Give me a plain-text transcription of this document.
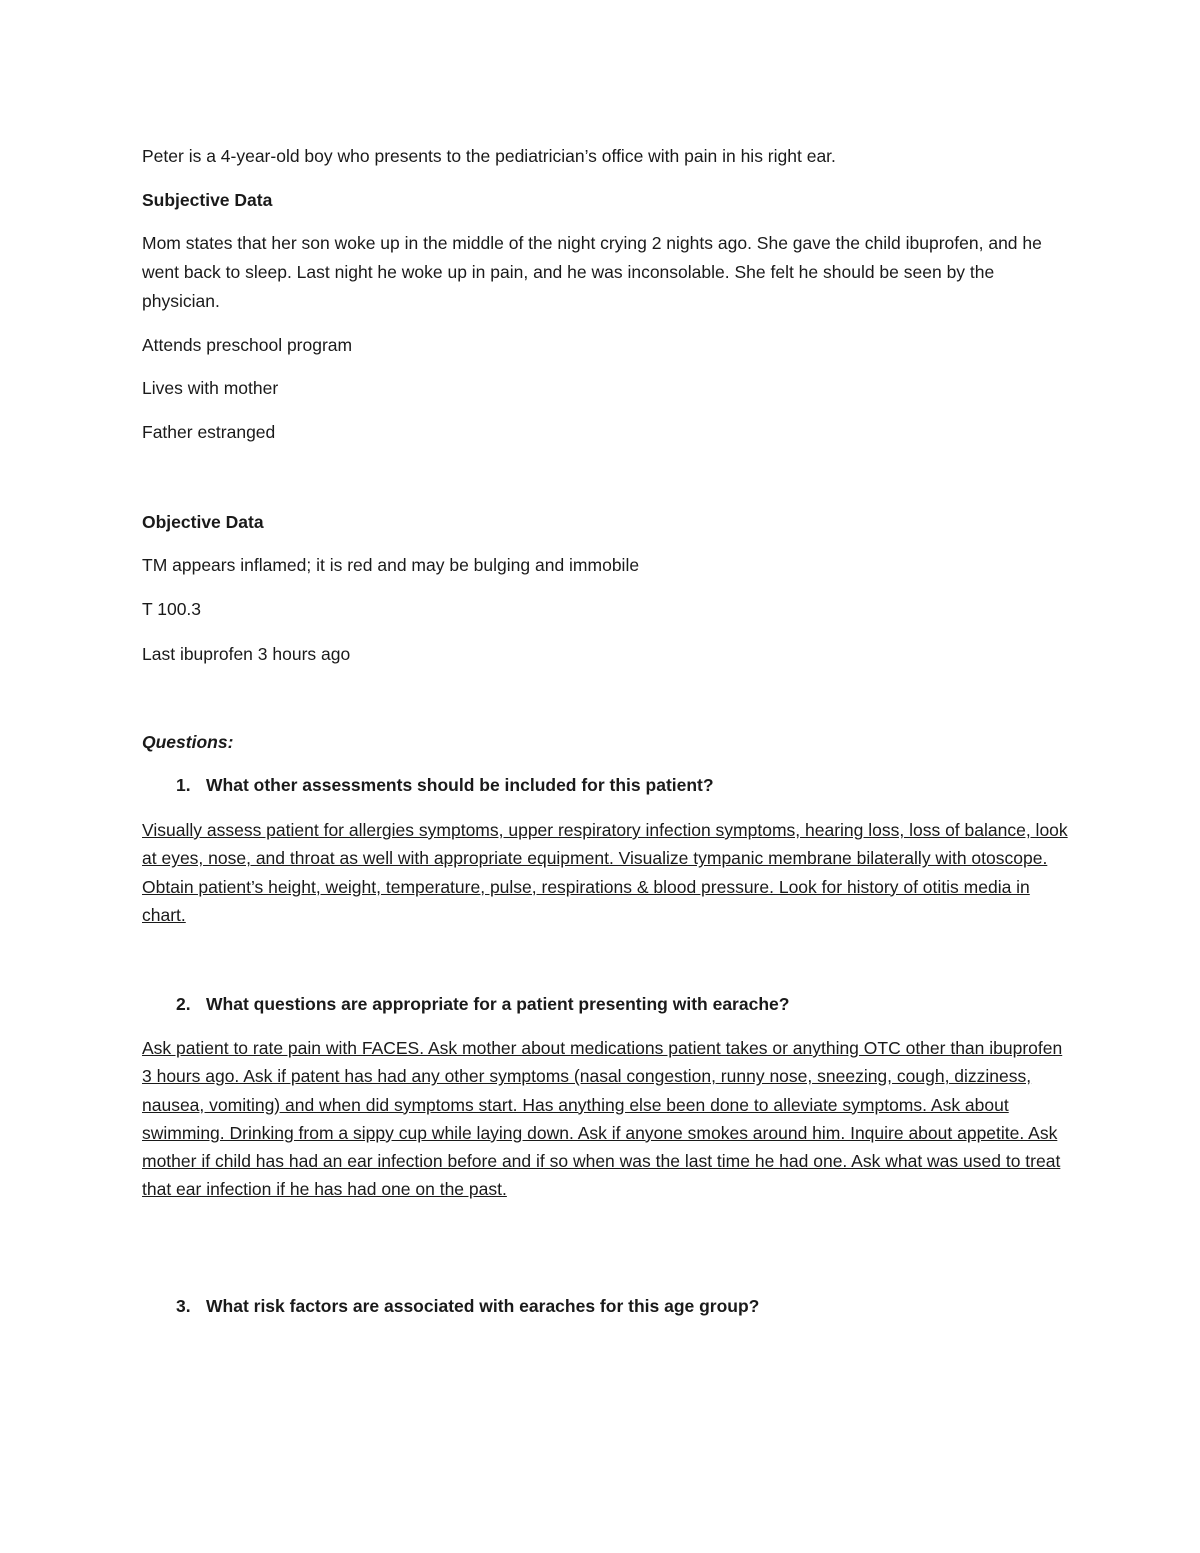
Peter is a 4-year-old boy who presents to the pediatrician’s office with pain in his right ear.

Subjective Data

Mom states that her son woke up in the middle of the night crying 2 nights ago. She gave the child ibuprofen, and he went back to sleep. Last night he woke up in pain, and he was inconsolable. She felt he should be seen by the physician.

Attends preschool program

Lives with mother

Father estranged

Objective Data

TM appears inflamed; it is red and may be bulging and immobile

T 100.3

Last ibuprofen 3 hours ago

Questions:

1. What other assessments should be included for this patient?

Visually assess patient for allergies symptoms, upper respiratory infection symptoms, hearing loss, loss of balance, look at eyes, nose, and throat as well with appropriate equipment. Visualize tympanic membrane bilaterally with otoscope. Obtain patient’s height, weight, temperature, pulse, respirations & blood pressure. Look for history of otitis media in chart.

2. What questions are appropriate for a patient presenting with earache?

Ask patient to rate pain with FACES. Ask mother about medications patient takes or anything OTC other than ibuprofen 3 hours ago. Ask if patent has had any other symptoms (nasal congestion, runny nose, sneezing, cough, dizziness, nausea, vomiting) and when did symptoms start. Has anything else been done to alleviate symptoms. Ask about swimming. Drinking from a sippy cup while laying down. Ask if anyone smokes around him. Inquire about appetite. Ask mother if child has had an ear infection before and if so when was the last time he had one. Ask what was used to treat that ear infection if he has had one on the past.

3. What risk factors are associated with earaches for this age group?
